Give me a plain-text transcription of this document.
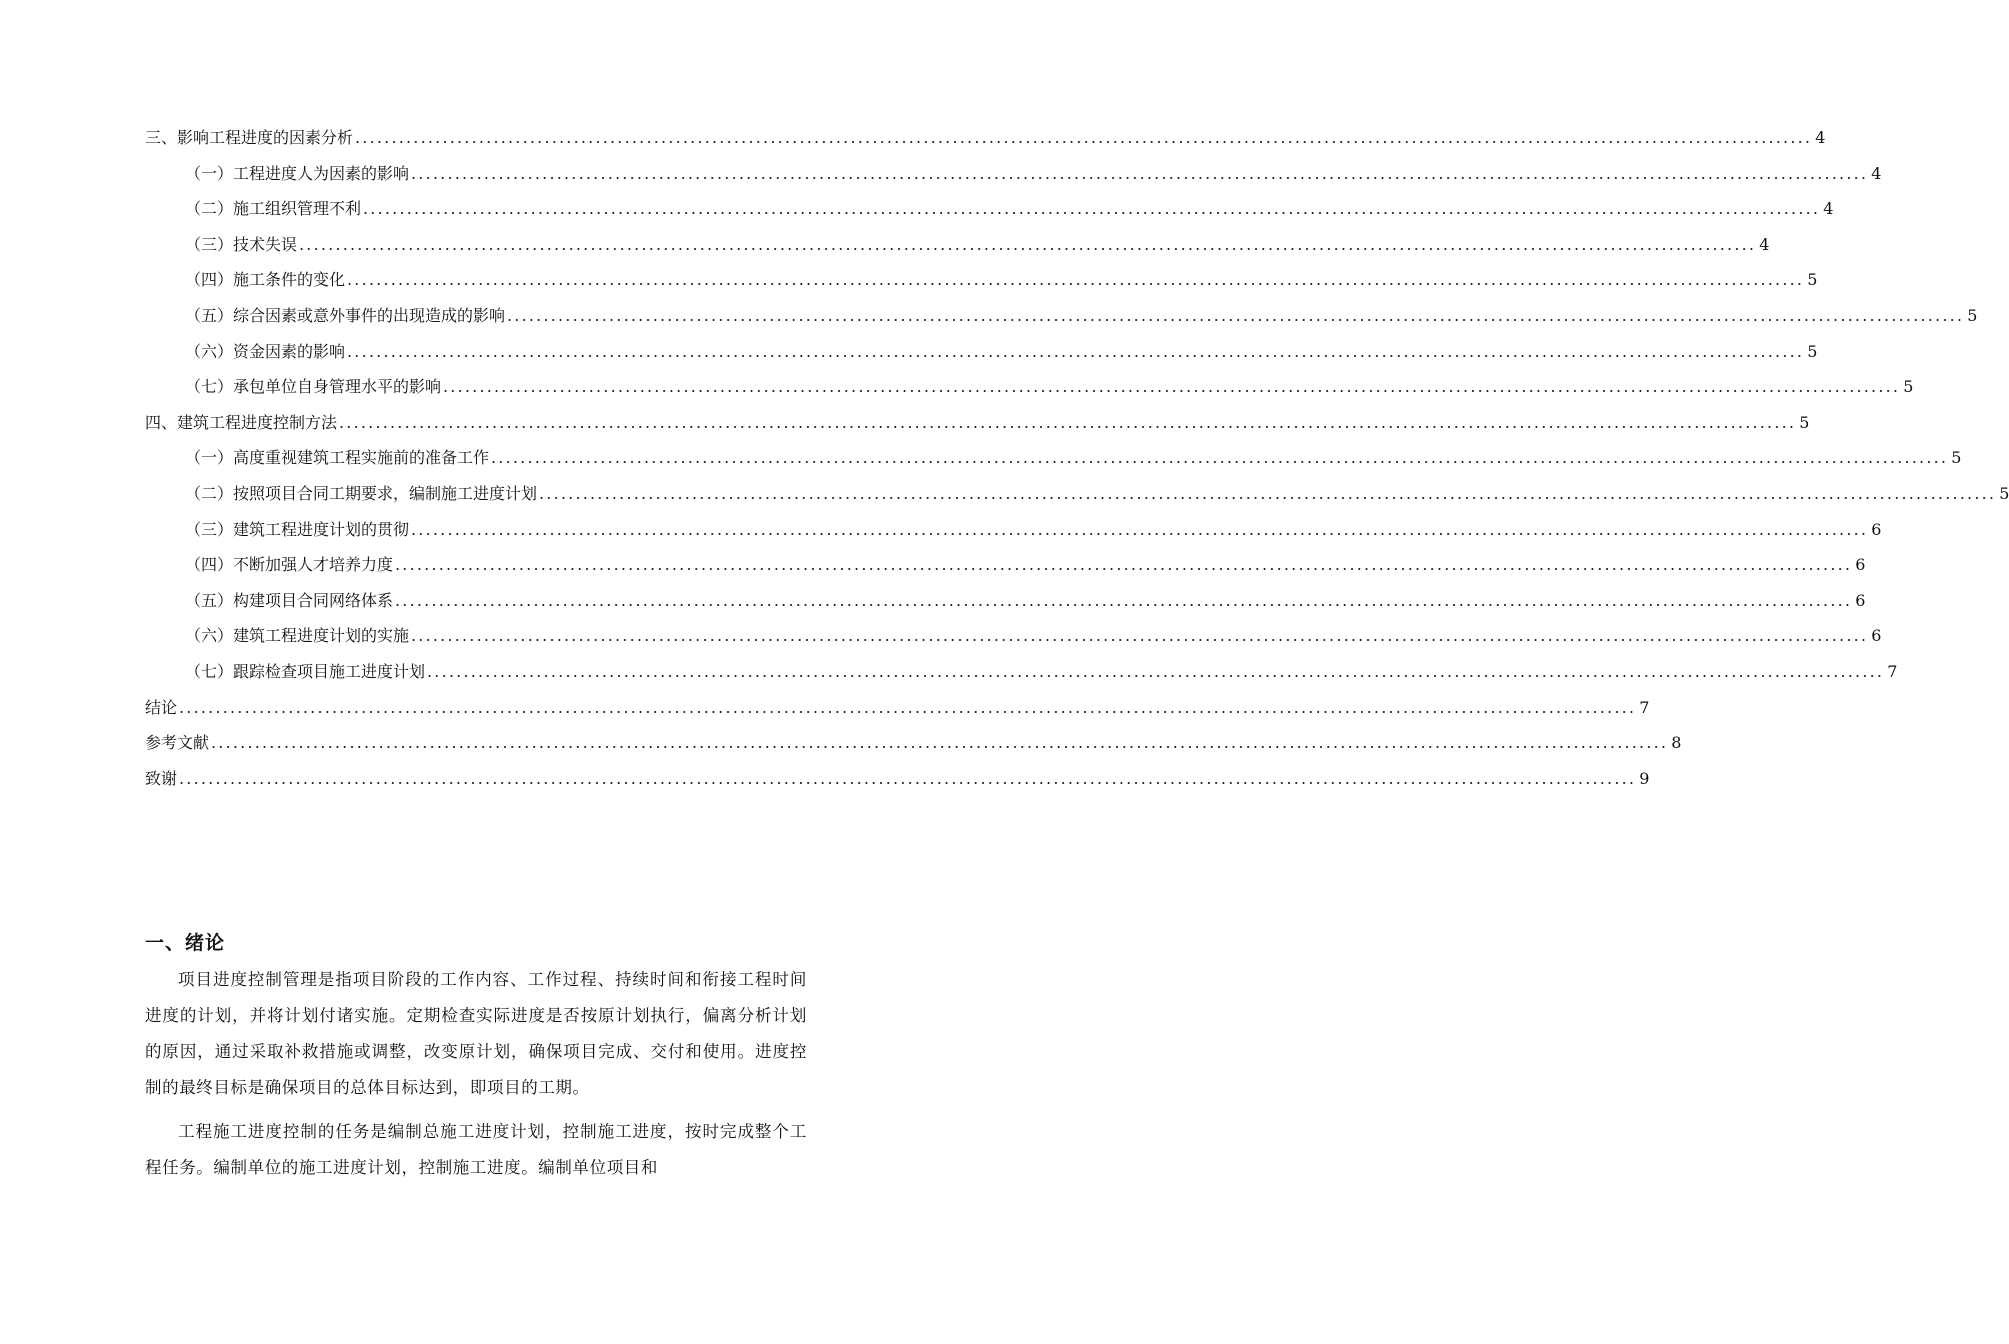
三、影响工程进度的因素分析 ........................................................................................................................................................................................................ 4
（一）工程进度人为因素的影响 ........................................................................................................................................................................................................ 4
（二）施工组织管理不利 ........................................................................................................................................................................................................ 4
（三）技术失误 ........................................................................................................................................................................................................ 4
（四）施工条件的变化 ........................................................................................................................................................................................................ 5
（五）综合因素或意外事件的出现造成的影响 ........................................................................................................................................................................................................ 5
（六）资金因素的影响 ........................................................................................................................................................................................................ 5
（七）承包单位自身管理水平的影响 ........................................................................................................................................................................................................ 5
四、建筑工程进度控制方法 ........................................................................................................................................................................................................ 5
（一）高度重视建筑工程实施前的准备工作 ........................................................................................................................................................................................................ 5
（二）按照项目合同工期要求，编制施工进度计划 ........................................................................................................................................................................................................ 5
（三）建筑工程进度计划的贯彻 ........................................................................................................................................................................................................ 6
（四）不断加强人才培养力度 ........................................................................................................................................................................................................ 6
（五）构建项目合同网络体系 ........................................................................................................................................................................................................ 6
（六）建筑工程进度计划的实施 ........................................................................................................................................................................................................ 6
（七）跟踪检查项目施工进度计划 ........................................................................................................................................................................................................ 7
结论 ........................................................................................................................................................................................................ 7
参考文献 ........................................................................................................................................................................................................ 8
致谢 ........................................................................................................................................................................................................ 9
一、绪论

项目进度控制管理是指项目阶段的工作内容、工作过程、持续时间和衔接工程时间进度的计划，并将计划付诸实施。定期检查实际进度是否按原计划执行，偏离分析计划的原因，通过采取补救措施或调整，改变原计划，确保项目完成、交付和使用。进度控制的最终目标是确保项目的总体目标达到，即项目的工期。

工程施工进度控制的任务是编制总施工进度计划，控制施工进度，按时完成整个工程任务。编制单位的施工进度计划，控制施工进度。编制单位项目和
